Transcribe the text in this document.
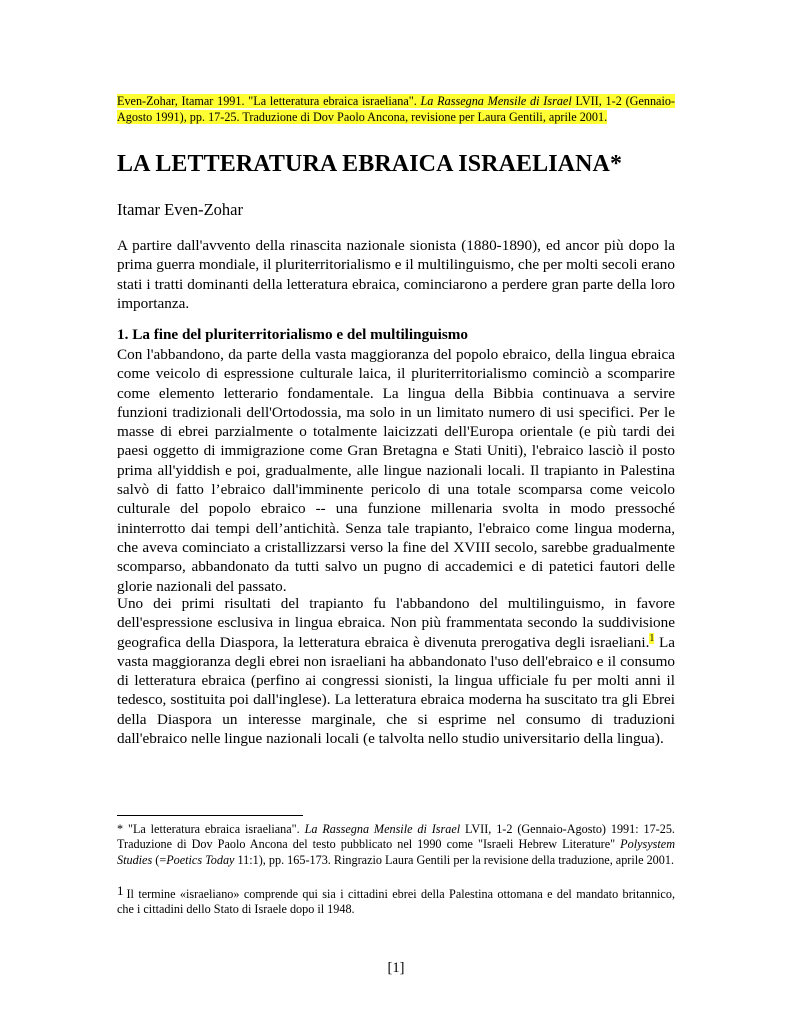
Even-Zohar, Itamar 1991. "La letteratura ebraica israeliana". La Rassegna Mensile di Israel LVII, 1-2 (Gennaio-Agosto 1991), pp. 17-25. Traduzione di Dov Paolo Ancona, revisione per Laura Gentili, aprile 2001.
LA LETTERATURA EBRAICA ISRAELIANA*
Itamar Even-Zohar

A partire dall'avvento della rinascita nazionale sionista (1880-1890), ed ancor più dopo la prima guerra mondiale, il pluriterritorialismo e il multilinguismo, che per molti secoli erano stati i tratti dominanti della letteratura ebraica, cominciarono a perdere gran parte della loro importanza.

1. La fine del pluriterritorialismo e del multilinguismo

Con l'abbandono, da parte della vasta maggioranza del popolo ebraico, della lingua ebraica come veicolo di espressione culturale laica, il pluriterritorialismo cominciò a scomparire come elemento letterario fondamentale. La lingua della Bibbia continuava a servire funzioni tradizionali dell'Ortodossia, ma solo in un limitato numero di usi specifici. Per le masse di ebrei parzialmente o totalmente laicizzati dell'Europa orientale (e più tardi dei paesi oggetto di immigrazione come Gran Bretagna e Stati Uniti), l'ebraico lasciò il posto prima all'yiddish e poi, gradualmente, alle lingue nazionali locali. Il trapianto in Palestina salvò di fatto l’ebraico dall'imminente pericolo di una totale scomparsa come veicolo culturale del popolo ebraico -- una funzione millenaria svolta in modo pressoché ininterrotto dai tempi dell’antichità. Senza tale trapianto, l'ebraico come lingua moderna, che aveva cominciato a cristallizzarsi verso la fine del XVIII secolo, sarebbe gradualmente scomparso, abbandonato da tutti salvo un pugno di accademici e di patetici fautori delle glorie nazionali del passato.

Uno dei primi risultati del trapianto fu l'abbandono del multilinguismo, in favore dell'espressione esclusiva in lingua ebraica. Non più frammentata secondo la suddivisione geografica della Diaspora, la letteratura ebraica è divenuta prerogativa degli israeliani.$^1$ La vasta maggioranza degli ebrei non israeliani ha abbandonato l'uso dell'ebraico e il consumo di letteratura ebraica (perfino ai congressi sionisti, la lingua ufficiale fu per molti anni il tedesco, sostituita poi dall'inglese). La letteratura ebraica moderna ha suscitato tra gli Ebrei della Diaspora un interesse marginale, che si esprime nel consumo di traduzioni dall'ebraico nelle lingue nazionali locali (e talvolta nello studio universitario della lingua).

* "La letteratura ebraica israeliana". La Rassegna Mensile di Israel LVII, 1-2 (Gennaio-Agosto) 1991: 17-25. Traduzione di Dov Paolo Ancona del testo pubblicato nel 1990 come "Israeli Hebrew Literature" Polysystem Studies (=Poetics Today 11:1), pp. 165-173. Ringrazio Laura Gentili per la revisione della traduzione, aprile 2001.

1 Il termine «israeliano» comprende qui sia i cittadini ebrei della Palestina ottomana e del mandato britannico, che i cittadini dello Stato di Israele dopo il 1948.

[1]
